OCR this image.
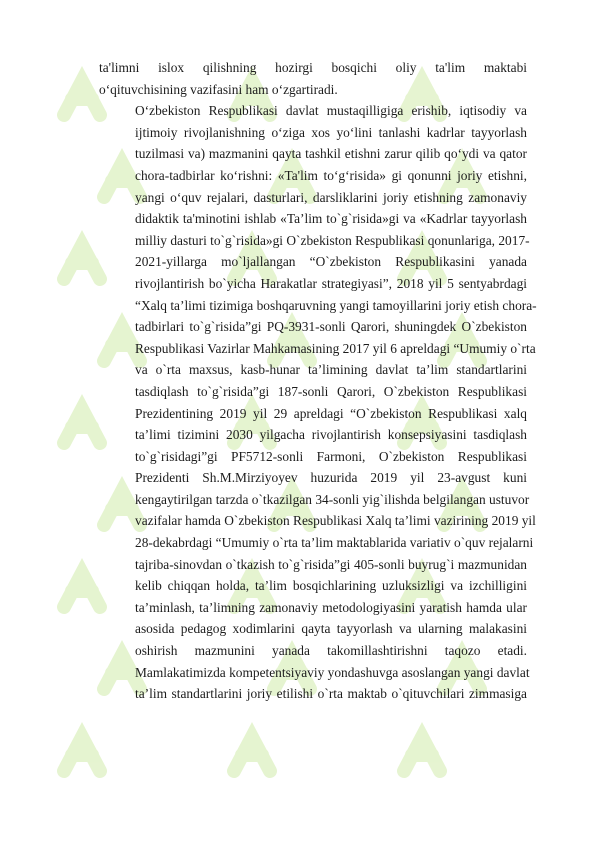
ta'limni islox qilishning hozirgi bosqichi oliy ta'lim maktabi
o‘qituvchisining vazifasini ham o‘zgartiradi.
O‘zbekiston Respublikasi davlat mustaqilligiga erishib, iqtisodiy va
ijtimoiy rivojlanishning o‘ziga xos yo‘lini tanlashi kadrlar tayyorlash
tuzilmasi va) mazmanini qayta tashkil etishni zarur qilib qo‘ydi va qator
chora-tadbirlar ko‘rishni: «Ta'lim to‘g‘risida» gi qonunni joriy etishni,
yangi o‘quv rejalari, dasturlari, darsliklarini joriy etishning zamonaviy
didaktik ta'minotini ishlab «Ta’lim to`g`risida»gi va «Kadrlar tayyorlash
milliy dasturi to`g`risida»gi O`zbekiston Respublikasi qonunlariga, 2017-
2021-yillarga mo`ljallangan “O`zbekiston Respublikasini yanada
rivojlantirish bo`yicha Harakatlar strategiyasi”, 2018 yil 5 sentyabrdagi
“Xalq ta’limi tizimiga boshqaruvning yangi tamoyillarini joriy etish chora-
tadbirlari to`g`risida”gi PQ-3931-sonli Qarori, shuningdek O`zbekiston
Respublikasi Vazirlar Mahkamasining 2017 yil 6 apreldagi “Umumiy o`rta
va o`rta maxsus, kasb-hunar ta’limining davlat ta’lim standartlarini
tasdiqlash to`g`risida”gi 187-sonli Qarori, O`zbekiston Respublikasi
Prezidentining 2019 yil 29 apreldagi “O`zbekiston Respublikasi xalq
ta’limi tizimini 2030 yilgacha rivojlantirish konsepsiyasini tasdiqlash
to`g`risidagi”gi PF5712-sonli Farmoni, O`zbekiston Respublikasi
Prezidenti Sh.M.Mirziyoyev huzurida 2019 yil 23-avgust kuni
kengaytirilgan tarzda o`tkazilgan 34-sonli yig`ilishda belgilangan ustuvor
vazifalar hamda O`zbekiston Respublikasi Xalq ta’limi vazirining 2019 yil
28-dekabrdagi “Umumiy o`rta ta’lim maktablarida variativ o`quv rejalarni
tajriba-sinovdan o`tkazish to`g`risida”gi 405-sonli buyrug`i mazmunidan
kelib chiqqan holda, ta’lim bosqichlarining uzluksizligi va izchilligini
ta’minlash, ta’limning zamonaviy metodologiyasini yaratish hamda ular
asosida pedagog xodimlarini qayta tayyorlash va ularning malakasini
oshirish mazmunini yanada takomillashtirishni taqozo etadi.
Mamlakatimizda kompetentsiyaviy yondashuvga asoslangan yangi davlat
ta’lim standartlarini joriy etilishi o`rta maktab o`qituvchilari zimmasiga
